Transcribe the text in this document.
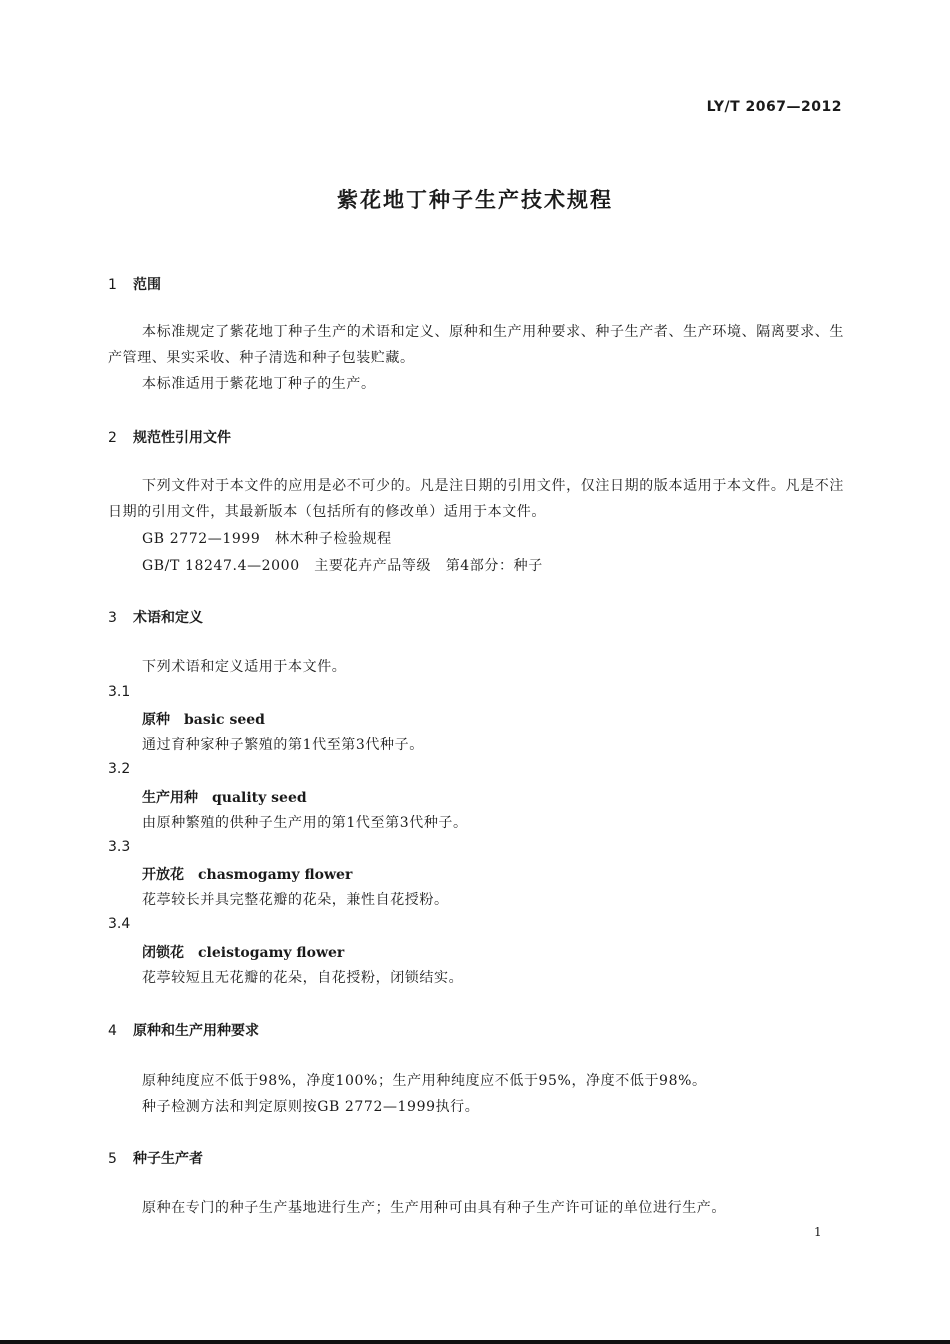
LY/T 2067—2012
紫花地丁种子生产技术规程
1 范围
本标准规定了紫花地丁种子生产的术语和定义、原种和生产用种要求、种子生产者、生产环境、隔离要求、生产管理、果实采收、种子清选和种子包装贮藏。
本标准适用于紫花地丁种子的生产。
2 规范性引用文件
下列文件对于本文件的应用是必不可少的。凡是注日期的引用文件，仅注日期的版本适用于本文件。凡是不注日期的引用文件，其最新版本（包括所有的修改单）适用于本文件。
GB 2772—1999　林木种子检验规程
GB/T 18247.4—2000　主要花卉产品等级　第4部分：种子
3 术语和定义
下列术语和定义适用于本文件。
3.1
原种　basic seed
通过育种家种子繁殖的第1代至第3代种子。
3.2
生产用种　quality seed
由原种繁殖的供种子生产用的第1代至第3代种子。
3.3
开放花　chasmogamy flower
花葶较长并具完整花瓣的花朵，兼性自花授粉。
3.4
闭锁花　cleistogamy flower
花葶较短且无花瓣的花朵，自花授粉，闭锁结实。
4 原种和生产用种要求
原种纯度应不低于98%，净度100%；生产用种纯度应不低于95%，净度不低于98%。
种子检测方法和判定原则按GB 2772—1999执行。
5 种子生产者
原种在专门的种子生产基地进行生产；生产用种可由具有种子生产许可证的单位进行生产。
1
